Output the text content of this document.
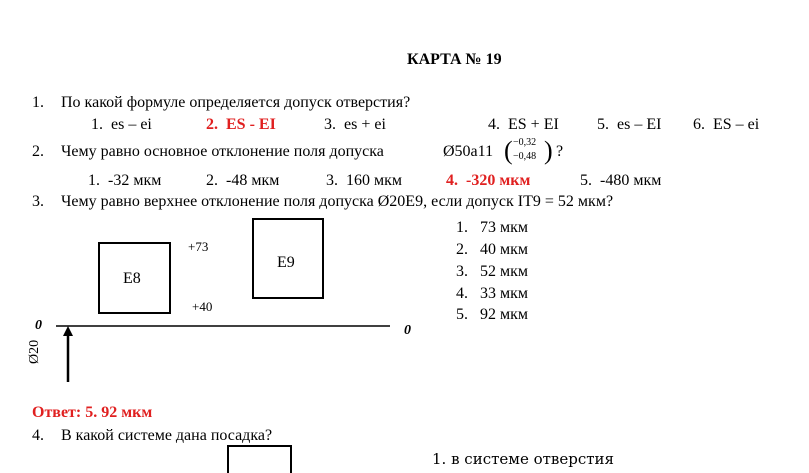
КАРТА № 19
1. По какой формуле определяется допуск отверстия?
1. es – ei	2. ES - EI	3. es + ei	4. ES + EI 5. es – EI 6. ES – ei
2. Чему равно основное отклонение поля допуска	Ø50a11 ( −0,32
−0,48 ) ?
1. -32 мкм	2. -48 мкм	3. 160 мкм	4. -320 мкм	5. -480 мкм
3. Чему равно верхнее отклонение поля допуска Ø20E9, если допуск IT9 = 52 мкм?
E8
E9
+73
+40
0	0
Ø20
1. 73 мкм
2. 40 мкм
3. 52 мкм
4. 33 мкм
5. 92 мкм
Ответ: 5. 92 мкм
4. В какой системе дана посадка?
1. в системе отверстия
